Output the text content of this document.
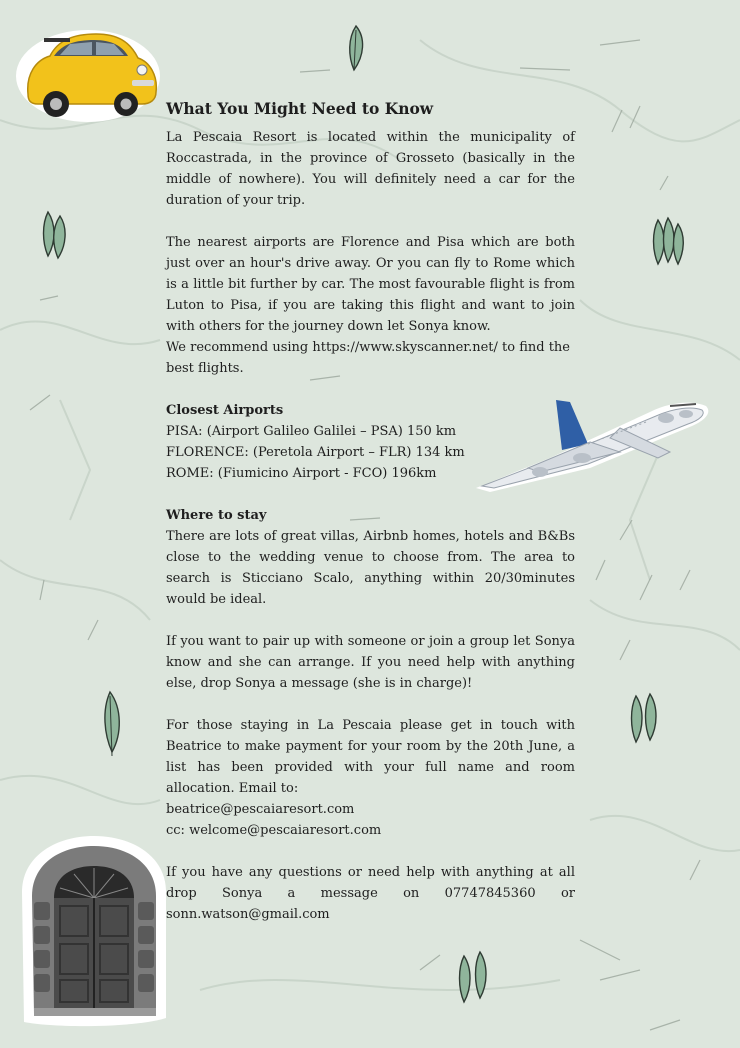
What You Might Need to Know

La Pescaia Resort is located within the municipality of Roccastrada, in the province of Grosseto (basically in the middle of nowhere). You will definitely need a car for the duration of your trip.

The nearest airports are Florence and Pisa which are both just over an hour's drive away. Or you can fly to Rome which is a little bit further by car. The most favourable flight is from Luton to Pisa, if you are taking this flight and want to join with others for the journey down let Sonya know.

We recommend using https://www.skyscanner.net/ to find the best flights.

Closest Airports

PISA: (Airport Galileo Galilei – PSA) 150 km

FLORENCE: (Peretola Airport – FLR) 134 km

ROME: (Fiumicino Airport - FCO) 196km

Where to stay

There are lots of great villas, Airbnb homes, hotels and B&Bs close to the wedding venue to choose from. The area to search is Sticciano Scalo, anything within 20/30minutes would be ideal.

If you want to pair up with someone or join a group let Sonya know and she can arrange. If you need help with anything else, drop Sonya a message (she is in charge)!

For those staying in La Pescaia please get in touch with Beatrice to make payment for your room by the 20th June, a list has been provided with your full name and room allocation. Email to:

beatrice@pescaiaresort.com

cc: welcome@pescaiaresort.com

If you have any questions or need help with anything at all drop Sonya a message on 07747845360 or

sonn.watson@gmail.com
